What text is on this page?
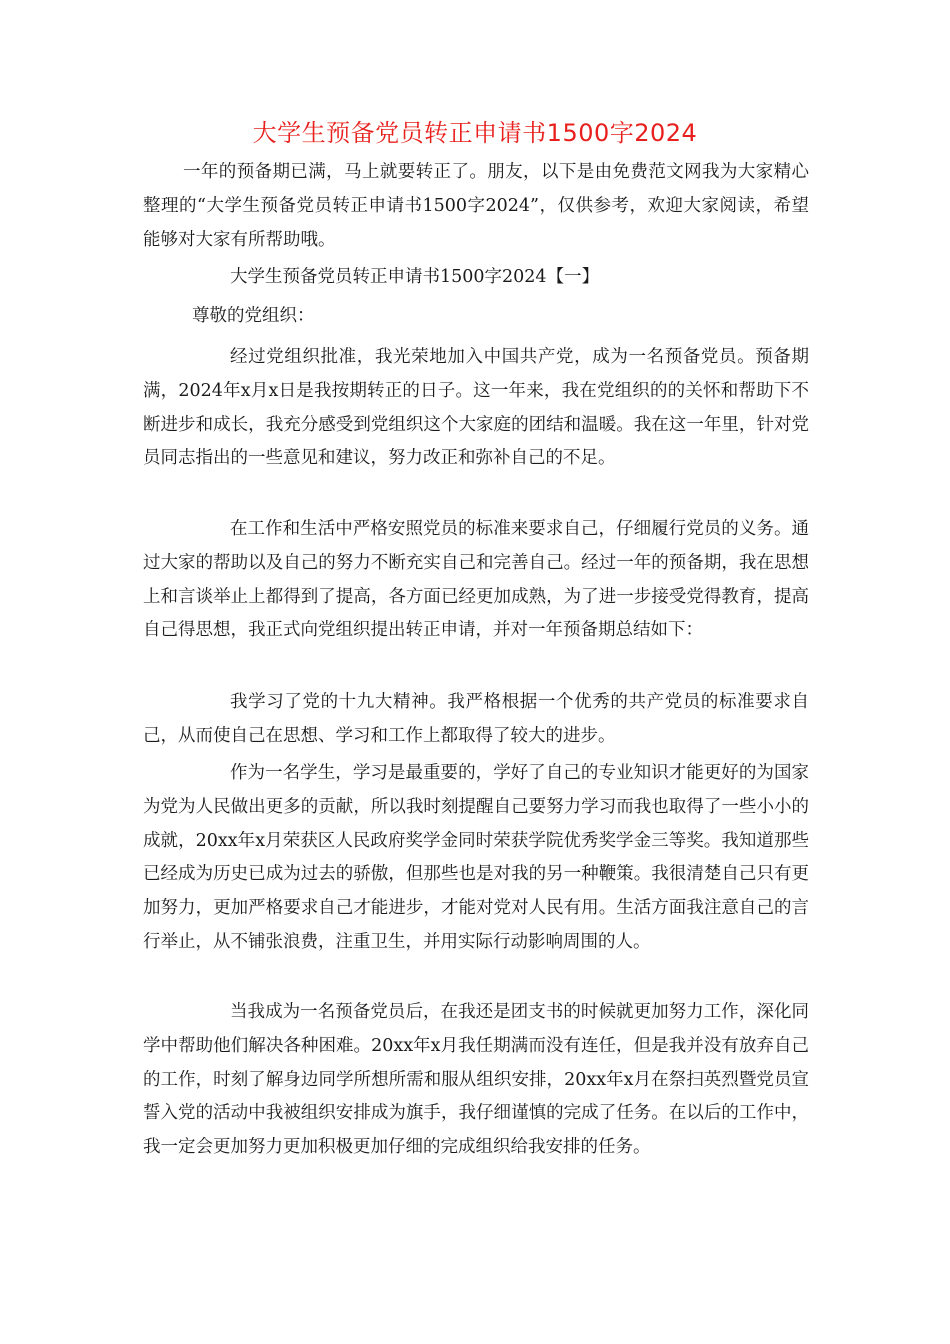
大学生预备党员转正申请书1500字2024

一年的预备期已满，马上就要转正了。朋友，以下是由免费范文网我为大家精心整理的“大学生预备党员转正申请书1500字2024”，仅供参考，欢迎大家阅读，希望能够对大家有所帮助哦。

大学生预备党员转正申请书1500字2024【一】
尊敬的党组织：

经过党组织批准，我光荣地加入中国共产党，成为一名预备党员。预备期满，2024年x月x日是我按期转正的日子。这一年来，我在党组织的的关怀和帮助下不断进步和成长，我充分感受到党组织这个大家庭的团结和温暖。我在这一年里，针对党员同志指出的一些意见和建议，努力改正和弥补自己的不足。

在工作和生活中严格安照党员的标准来要求自己，仔细履行党员的义务。通过大家的帮助以及自己的努力不断充实自己和完善自己。经过一年的预备期，我在思想上和言谈举止上都得到了提高，各方面已经更加成熟，为了进一步接受党得教育，提高自己得思想，我正式向党组织提出转正申请，并对一年预备期总结如下：

我学习了党的十九大精神。我严格根据一个优秀的共产党员的标准要求自己，从而使自己在思想、学习和工作上都取得了较大的进步。

作为一名学生，学习是最重要的，学好了自己的专业知识才能更好的为国家为党为人民做出更多的贡献，所以我时刻提醒自己要努力学习而我也取得了一些小小的成就，20xx年x月荣获区人民政府奖学金同时荣获学院优秀奖学金三等奖。我知道那些已经成为历史已成为过去的骄傲，但那些也是对我的另一种鞭策。我很清楚自己只有更加努力，更加严格要求自己才能进步，才能对党对人民有用。生活方面我注意自己的言行举止，从不铺张浪费，注重卫生，并用实际行动影响周围的人。

当我成为一名预备党员后，在我还是团支书的时候就更加努力工作，深化同学中帮助他们解决各种困难。20xx年x月我任期满而没有连任，但是我并没有放弃自己的工作，时刻了解身边同学所想所需和服从组织安排，20xx年x月在祭扫英烈暨党员宣誓入党的活动中我被组织安排成为旗手，我仔细谨慎的完成了任务。在以后的工作中，我一定会更加努力更加积极更加仔细的完成组织给我安排的任务。
